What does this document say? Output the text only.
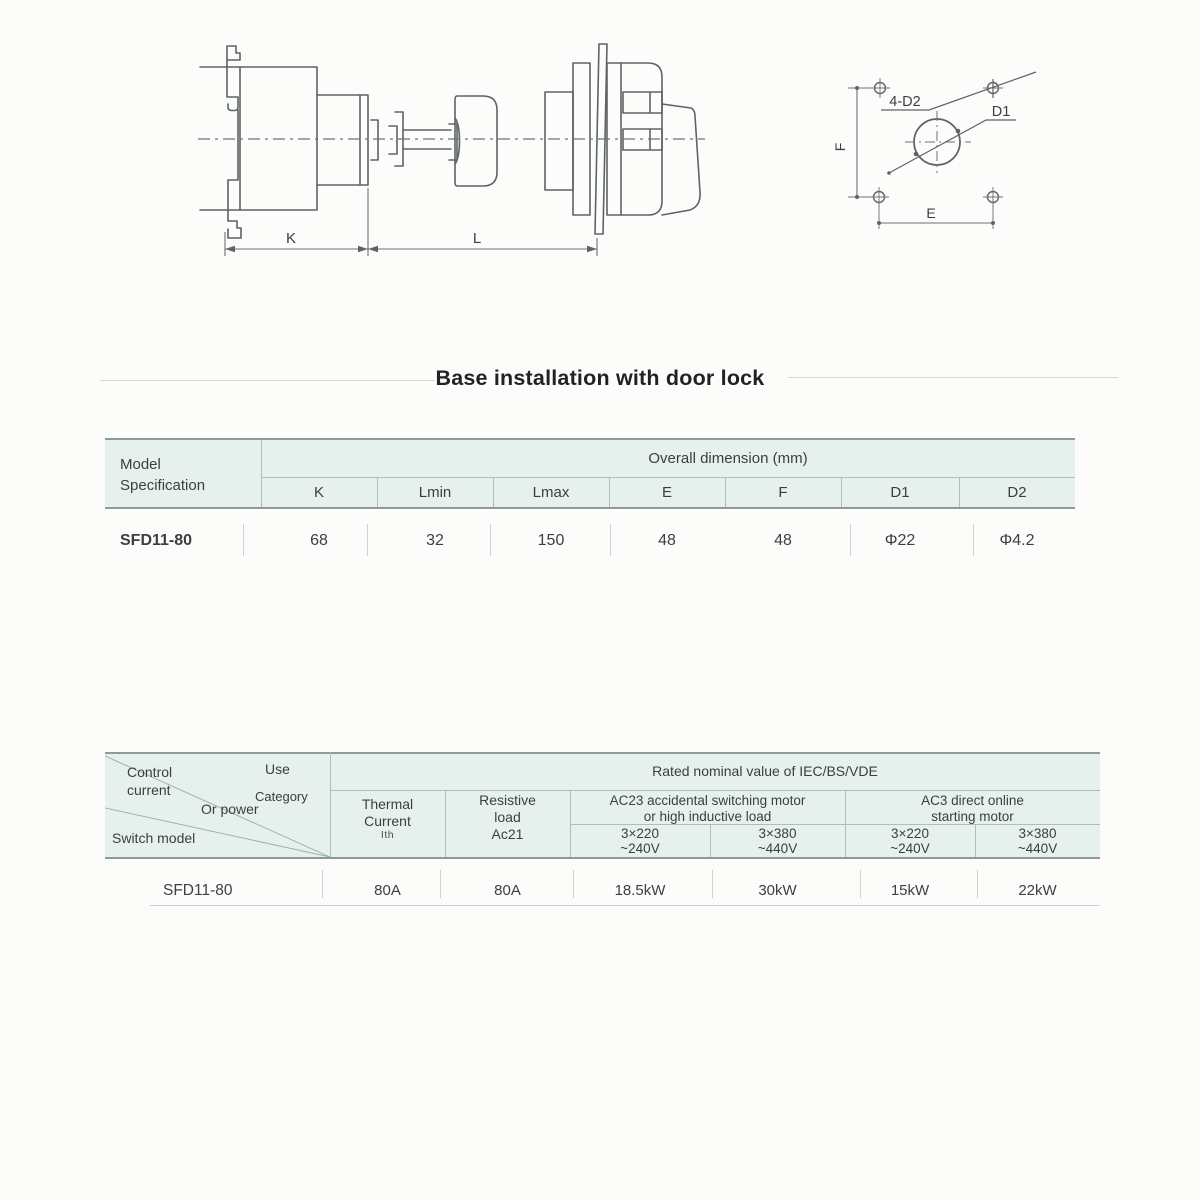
K	L
F
E
4-D2
D1
Base installation with door lock
Model
Specification
Overall dimension (mm)
K	Lmin	Lmax	E	F	D1	D2
SFD11-80	68	32	150	48	48	Φ22	Φ4.2
Control
current
Or power
Use
Category
Switch model
Rated nominal value of IEC/BS/VDE
Thermal
Current
Ith
Resistive
load
Ac21
AC23 accidental switching motor
or high inductive load
3×220
~240V
3×380
~440V
AC3 direct online
starting motor
3×220
~240V
3×380
~440V
SFD11-80	80A	80A	18.5kW	30kW	15kW	22kW
